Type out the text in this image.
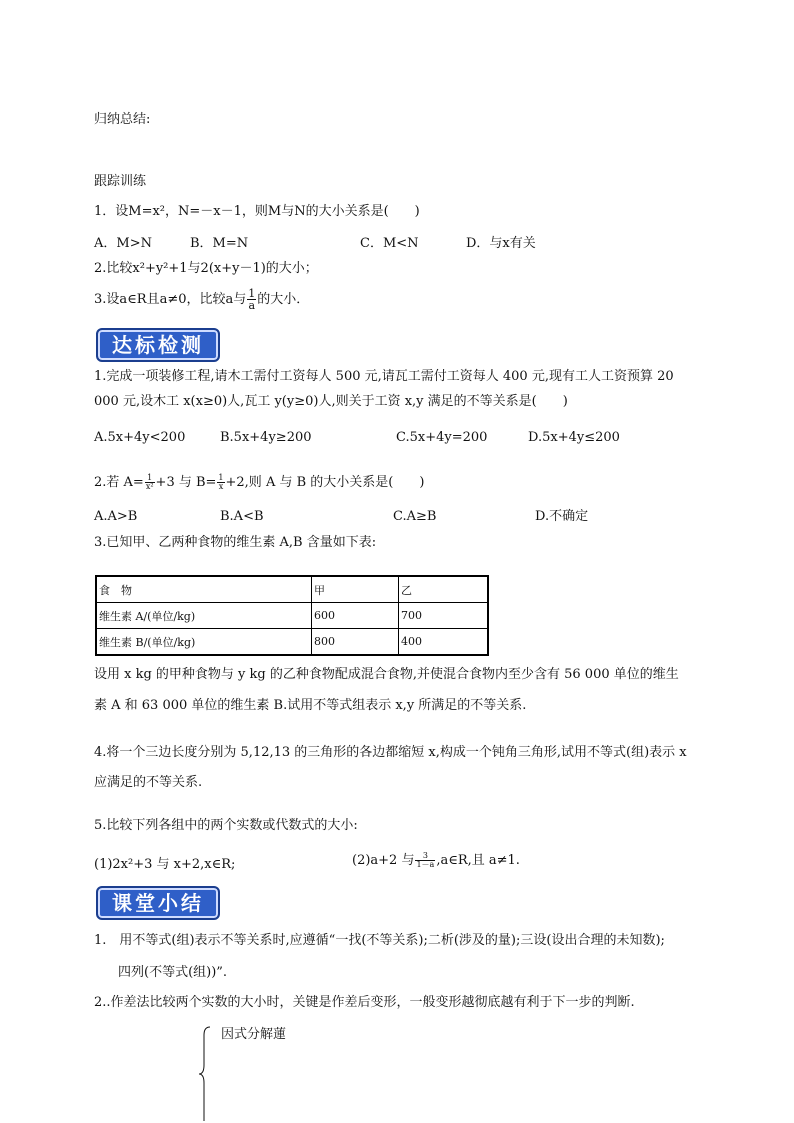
归纳总结:
跟踪训练
1．设M=x²，N=－x－1，则M与N的大小关系是(　　)
A．M>N	B．M=N	C．M<N	D．与x有关
2.比较x²+y²+1与2(x+y－1)的大小；
3.设a∈R且a≠0，比较a与 $\frac{1}{a}$ 的大小．
达标检测
1.完成一项装修工程,请木工需付工资每人 500 元,请瓦工需付工资每人 400 元,现有工人工资预算 20
000 元,设木工 x(x≥0)人,瓦工 y(y≥0)人,则关于工资 x,y 满足的不等关系是(　　)
A.5x+4y<200	B.5x+4y≥200	C.5x+4y=200	D.5x+4y≤200
2.若 $A= \frac{1}{\text{x²}} +3$ 与 $B= \frac{1}{x} +2$,则 A 与 B 的大小关系是(　　)
A.A>B	B.A<B	C.A≥B	D.不确定
3.已知甲、乙两种食物的维生素 A,B 含量如下表:
食　物	甲	乙
维生素 A/(单位/kg)	600	700
维生素 B/(单位/kg)	800	400
设用 x kg 的甲种食物与 y kg 的乙种食物配成混合食物,并使混合食物内至少含有 56 000 单位的维生
素 A 和 63 000 单位的维生素 B.试用不等式组表示 x,y 所满足的不等关系.
4.将一个三边长度分别为 5,12,13 的三角形的各边都缩短 x,构成一个钝角三角形,试用不等式(组)表示 x
应满足的不等关系.
5.比较下列各组中的两个实数或代数式的大小:
(1)2x²+3 与 x+2,x∈R;	(2)a+2 与 $\frac{3}{1-a}$ ,a∈R,且 a≠1.
课堂小结
1.　用不等式(组)表示不等关系时,应遵循“一找(不等关系);二析(涉及的量);三设(设出合理的未知数);
四列(不等式(组))”.
2..作差法比较两个实数的大小时，关键是作差后变形，一般变形越彻底越有利于下一步的判断.
因式分解蓮
